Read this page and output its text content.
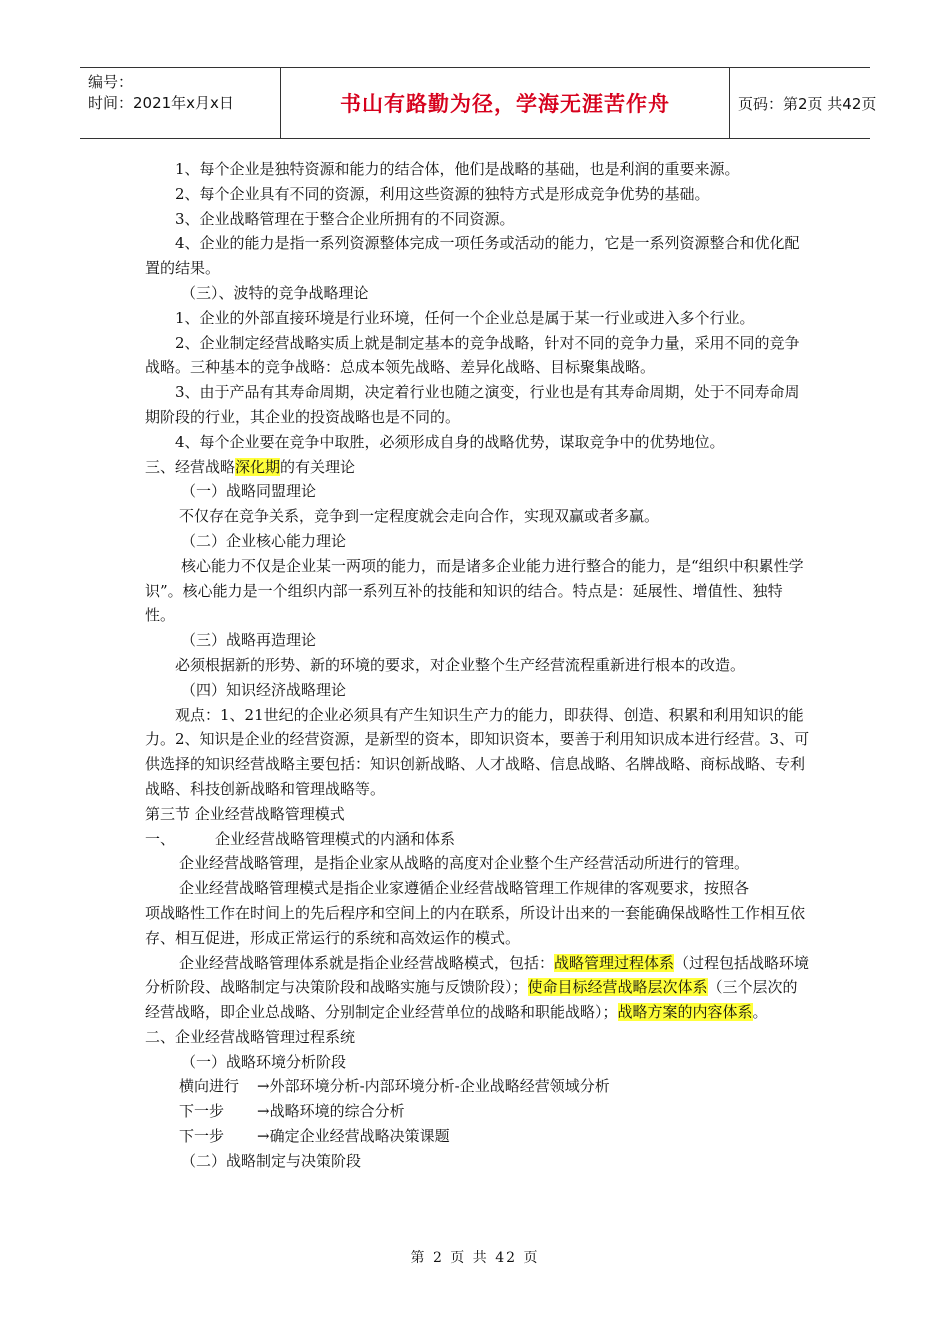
编号：
时间：2021年x月x日	书山有路勤为径，学海无涯苦作舟	页码：第2页 共42页

1、每个企业是独特资源和能力的结合体，他们是战略的基础，也是利润的重要来源。

2、每个企业具有不同的资源，利用这些资源的独特方式是形成竞争优势的基础。

3、企业战略管理在于整合企业所拥有的不同资源。

4、企业的能力是指一系列资源整体完成一项任务或活动的能力，它是一系列资源整合和优化配置的结果。

（三）、波特的竞争战略理论

1、企业的外部直接环境是行业环境，任何一个企业总是属于某一行业或进入多个行业。

2、企业制定经营战略实质上就是制定基本的竞争战略，针对不同的竞争力量，采用不同的竞争战略。三种基本的竞争战略：总成本领先战略、差异化战略、目标聚集战略。

3、由于产品有其寿命周期，决定着行业也随之演变，行业也是有其寿命周期，处于不同寿命周期阶段的行业，其企业的投资战略也是不同的。

4、每个企业要在竞争中取胜，必须形成自身的战略优势，谋取竞争中的优势地位。

三、经营战略深化期的有关理论

（一）战略同盟理论

不仅存在竞争关系，竞争到一定程度就会走向合作，实现双赢或者多赢。

（二）企业核心能力理论

核心能力不仅是企业某一两项的能力，而是诸多企业能力进行整合的能力，是“组织中积累性学识”。核心能力是一个组织内部一系列互补的技能和知识的结合。特点是：延展性、增值性、独特性。

（三）战略再造理论

必须根据新的形势、新的环境的要求，对企业整个生产经营流程重新进行根本的改造。

（四）知识经济战略理论

观点：1、21世纪的企业必须具有产生知识生产力的能力，即获得、创造、积累和利用知识的能力。2、知识是企业的经营资源，是新型的资本，即知识资本，要善于利用知识成本进行经营。3、可供选择的知识经营战略主要包括：知识创新战略、人才战略、信息战略、名牌战略、商标战略、专利战略、科技创新战略和管理战略等。

第三节 企业经营战略管理模式

一、	企业经营战略管理模式的内涵和体系

企业经营战略管理，是指企业家从战略的高度对企业整个生产经营活动所进行的管理。

企业经营战略管理模式是指企业家遵循企业经营战略管理工作规律的客观要求，按照各

项战略性工作在时间上的先后程序和空间上的内在联系，所设计出来的一套能确保战略性工作相互依存、相互促进，形成正常运行的系统和高效运作的模式。

企业经营战略管理体系就是指企业经营战略模式，包括：战略管理过程体系（过程包括战略环境分析阶段、战略制定与决策阶段和战略实施与反馈阶段）；使命目标经营战略层次体系（三个层次的经营战略，即企业总战略、分别制定企业经营单位的战略和职能战略）；战略方案的内容体系。

二、企业经营战略管理过程系统

（一）战略环境分析阶段

横向进行 →外部环境分析-内部环境分析-企业战略经营领域分析

下一步 →战略环境的综合分析

下一步 →确定企业经营战略决策课题

（二）战略制定与决策阶段

第 2 页 共 42 页
